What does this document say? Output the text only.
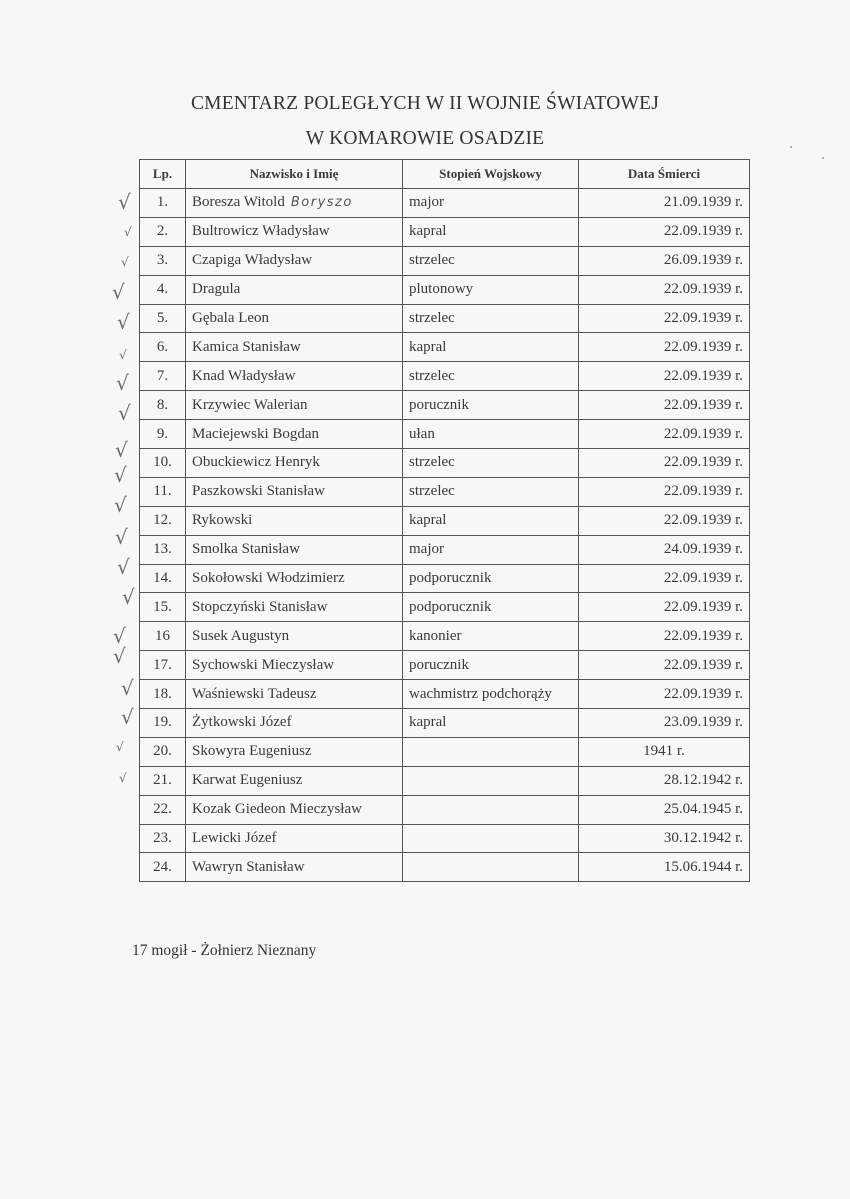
CMENTARZ POLEGŁYCH W II WOJNIE ŚWIATOWEJ
W KOMAROWIE OSADZIE
Lp.	Nazwisko i Imię	Stopień Wojskowy	Data Śmierci
1.	Boresza Witold Boryszo	major	21.09.1939 r.
2.	Bultrowicz Władysław	kapral	22.09.1939 r.
3.	Czapiga Władysław	strzelec	26.09.1939 r.
4.	Dragula	plutonowy	22.09.1939 r.
5.	Gębala Leon	strzelec	22.09.1939 r.
6.	Kamica Stanisław	kapral	22.09.1939 r.
7.	Knad Władysław	strzelec	22.09.1939 r.
8.	Krzywiec Walerian	porucznik	22.09.1939 r.
9.	Maciejewski Bogdan	ułan	22.09.1939 r.
10.	Obuckiewicz Henryk	strzelec	22.09.1939 r.
11.	Paszkowski Stanisław	strzelec	22.09.1939 r.
12.	Rykowski	kapral	22.09.1939 r.
13.	Smolka Stanisław	major	24.09.1939 r.
14.	Sokołowski Włodzimierz	podporucznik	22.09.1939 r.
15.	Stopczyński Stanisław	podporucznik	22.09.1939 r.
16	Susek Augustyn	kanonier	22.09.1939 r.
17.	Sychowski Mieczysław	porucznik	22.09.1939 r.
18.	Waśniewski Tadeusz	wachmistrz podchorąży	22.09.1939 r.
19.	Żytkowski Józef	kapral	23.09.1939 r.
20.	Skowyra Eugeniusz		1941 r.
21.	Karwat Eugeniusz		28.12.1942 r.
22.	Kozak Giedeon Mieczysław		25.04.1945 r.
23.	Lewicki Józef		30.12.1942 r.
24.	Wawryn Stanisław		15.06.1944 r.
√
√
√
√
√
√
√
√
√
√
√
√
√
√
√
√
√
√
√
√
17 mogił - Żołnierz Nieznany
